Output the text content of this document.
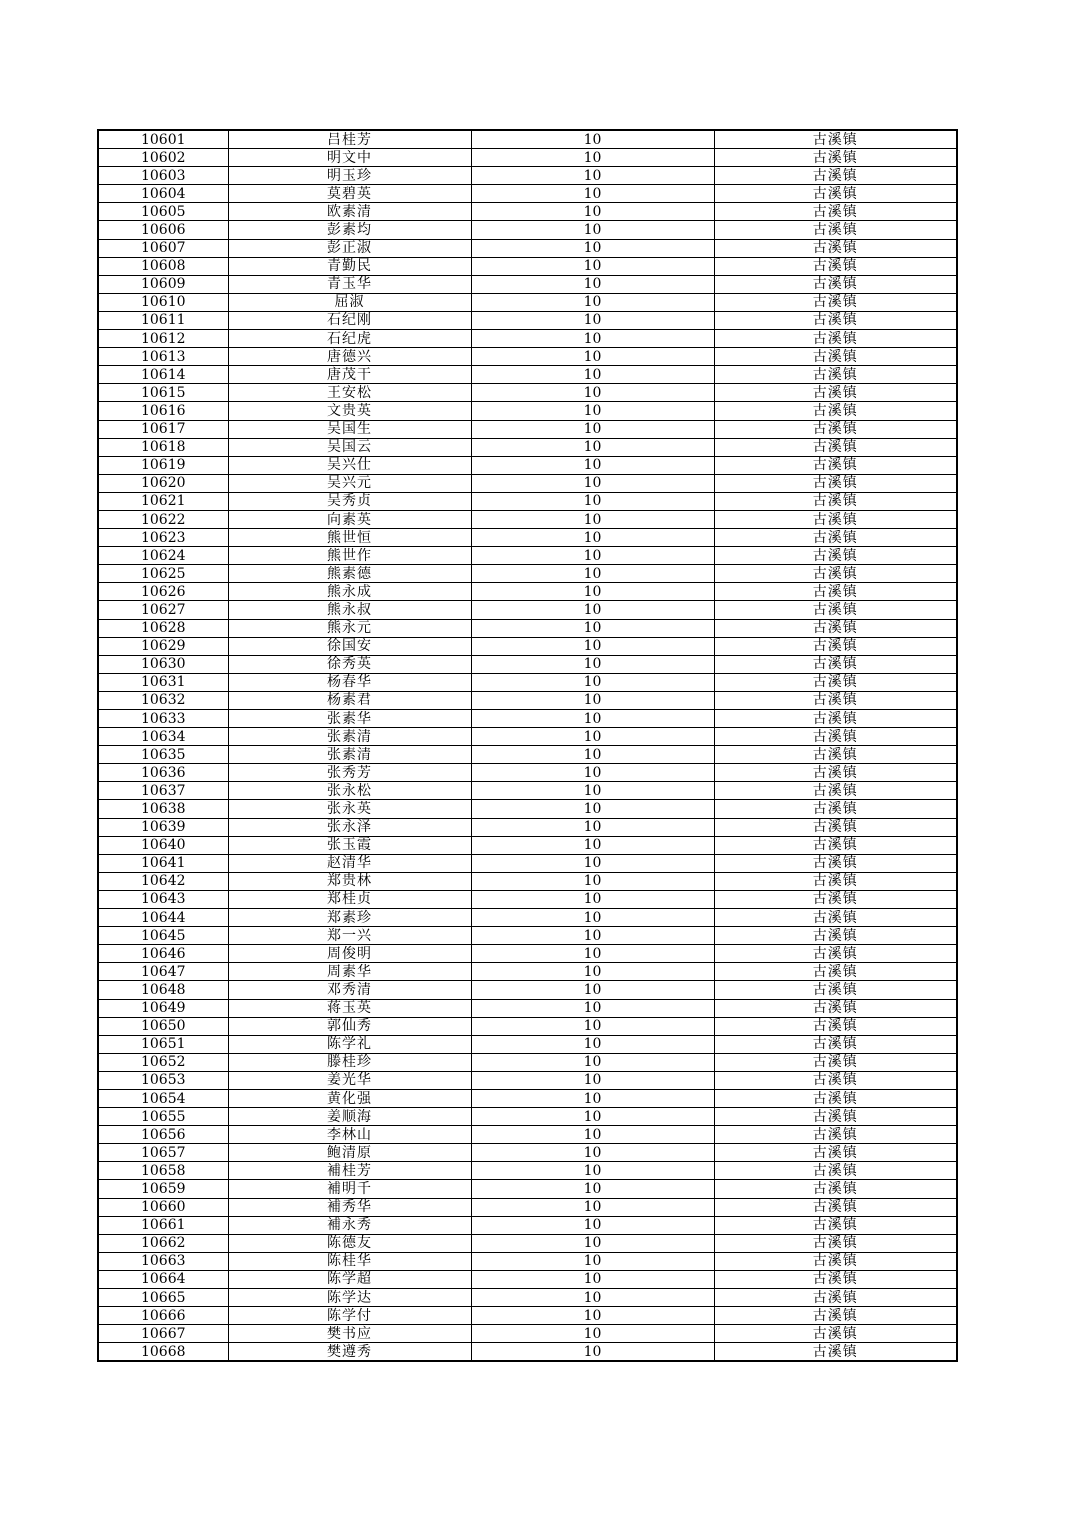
10601	吕桂芳	10	古溪镇
10602	明文中	10	古溪镇
10603	明玉珍	10	古溪镇
10604	莫碧英	10	古溪镇
10605	欧素清	10	古溪镇
10606	彭素均	10	古溪镇
10607	彭正淑	10	古溪镇
10608	青勤民	10	古溪镇
10609	青玉华	10	古溪镇
10610	屈淑	10	古溪镇
10611	石纪刚	10	古溪镇
10612	石纪虎	10	古溪镇
10613	唐德兴	10	古溪镇
10614	唐茂干	10	古溪镇
10615	王安松	10	古溪镇
10616	文贵英	10	古溪镇
10617	吴国生	10	古溪镇
10618	吴国云	10	古溪镇
10619	吴兴仕	10	古溪镇
10620	吴兴元	10	古溪镇
10621	吴秀贞	10	古溪镇
10622	向素英	10	古溪镇
10623	熊世恒	10	古溪镇
10624	熊世作	10	古溪镇
10625	熊素德	10	古溪镇
10626	熊永成	10	古溪镇
10627	熊永叔	10	古溪镇
10628	熊永元	10	古溪镇
10629	徐国安	10	古溪镇
10630	徐秀英	10	古溪镇
10631	杨春华	10	古溪镇
10632	杨素君	10	古溪镇
10633	张素华	10	古溪镇
10634	张素清	10	古溪镇
10635	张素清	10	古溪镇
10636	张秀芳	10	古溪镇
10637	张永松	10	古溪镇
10638	张永英	10	古溪镇
10639	张永泽	10	古溪镇
10640	张玉霞	10	古溪镇
10641	赵清华	10	古溪镇
10642	郑贵林	10	古溪镇
10643	郑桂贞	10	古溪镇
10644	郑素珍	10	古溪镇
10645	郑一兴	10	古溪镇
10646	周俊明	10	古溪镇
10647	周素华	10	古溪镇
10648	邓秀清	10	古溪镇
10649	蒋玉英	10	古溪镇
10650	郭仙秀	10	古溪镇
10651	陈学礼	10	古溪镇
10652	滕桂珍	10	古溪镇
10653	姜光华	10	古溪镇
10654	黄化强	10	古溪镇
10655	姜顺海	10	古溪镇
10656	李林山	10	古溪镇
10657	鲍清原	10	古溪镇
10658	補桂芳	10	古溪镇
10659	補明千	10	古溪镇
10660	補秀华	10	古溪镇
10661	補永秀	10	古溪镇
10662	陈德友	10	古溪镇
10663	陈桂华	10	古溪镇
10664	陈学超	10	古溪镇
10665	陈学达	10	古溪镇
10666	陈学付	10	古溪镇
10667	樊书应	10	古溪镇
10668	樊遵秀	10	古溪镇
